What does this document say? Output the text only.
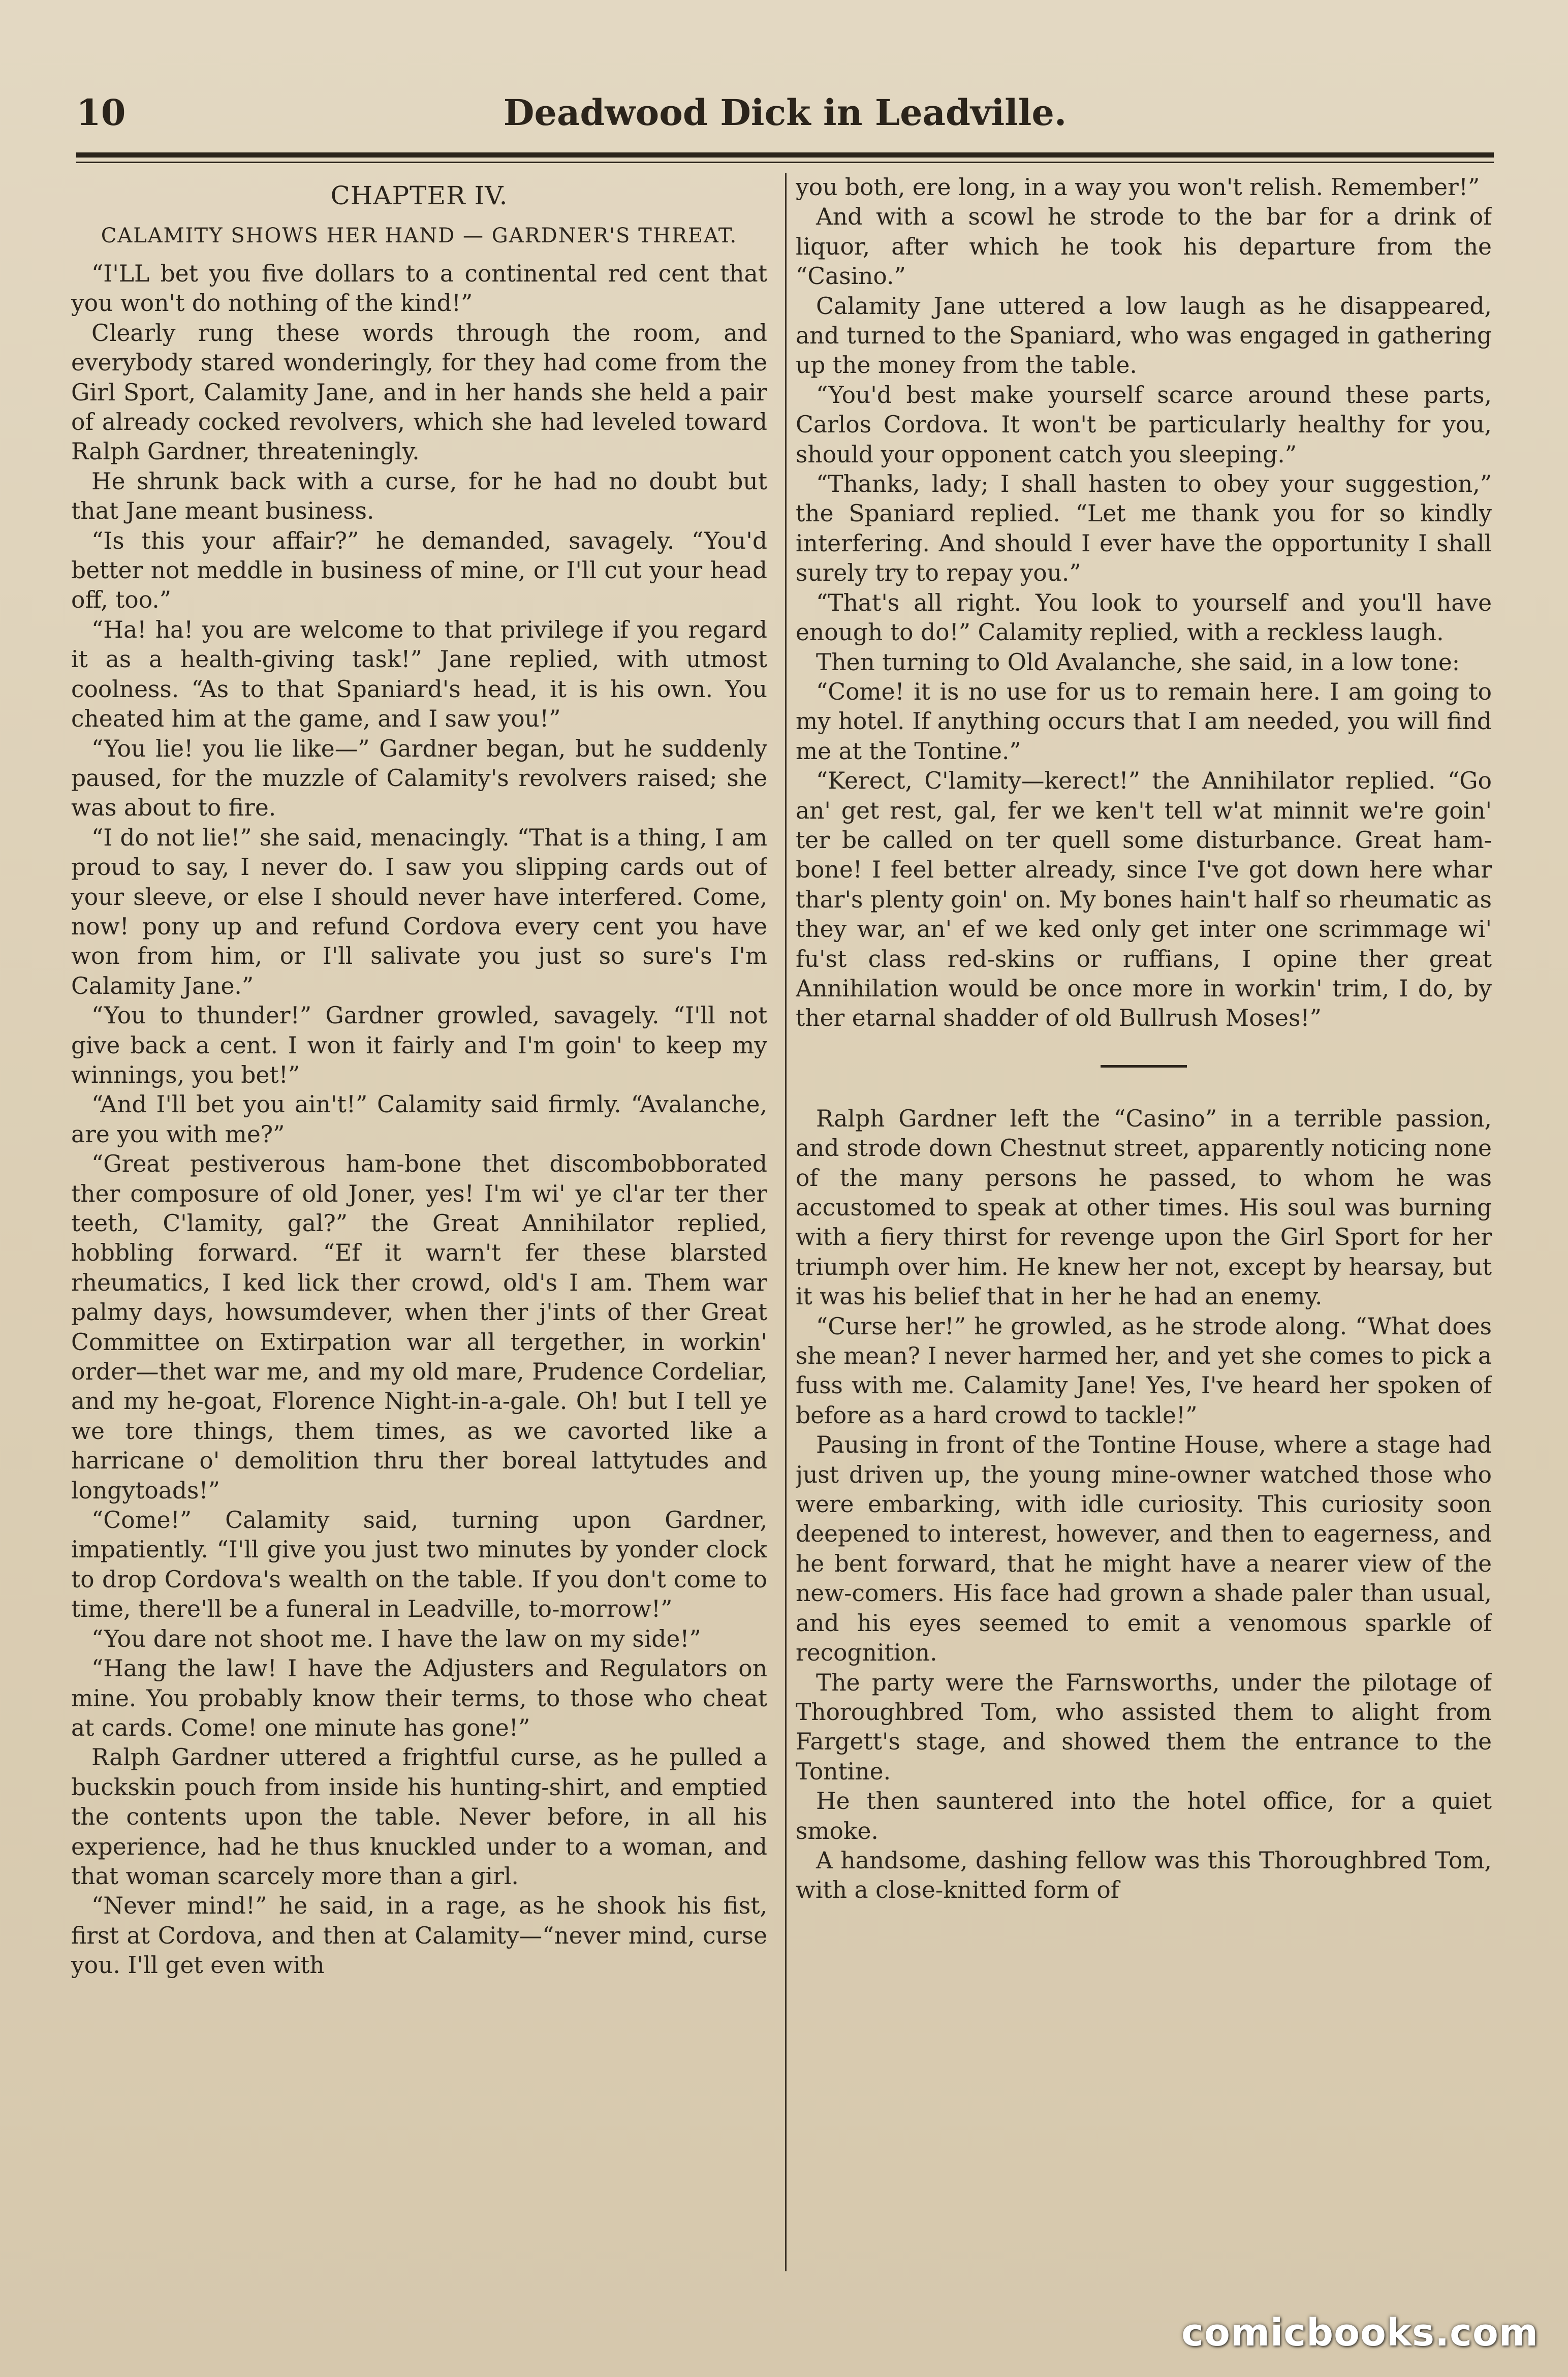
10	Deadwood Dick in Leadville.
CHAPTER IV.
CALAMITY SHOWS HER HAND — GARDNER'S THREAT.

“I'LL bet you five dollars to a continental red cent that you won't do nothing of the kind!”

Clearly rung these words through the room, and everybody stared wonderingly, for they had come from the Girl Sport, Calamity Jane, and in her hands she held a pair of already cocked revolvers, which she had leveled toward Ralph Gardner, threateningly.

He shrunk back with a curse, for he had no doubt but that Jane meant business.

“Is this your affair?” he demanded, savagely. “You'd better not meddle in business of mine, or I'll cut your head off, too.”

“Ha! ha! you are welcome to that privilege if you regard it as a health-giving task!” Jane replied, with utmost coolness. “As to that Spaniard's head, it is his own. You cheated him at the game, and I saw you!”

“You lie! you lie like—” Gardner began, but he suddenly paused, for the muzzle of Calamity's revolvers raised; she was about to fire.

“I do not lie!” she said, menacingly. “That is a thing, I am proud to say, I never do. I saw you slipping cards out of your sleeve, or else I should never have interfered. Come, now! pony up and refund Cordova every cent you have won from him, or I'll salivate you just so sure's I'm Calamity Jane.”

“You to thunder!” Gardner growled, savagely. “I'll not give back a cent. I won it fairly and I'm goin' to keep my winnings, you bet!”

“And I'll bet you ain't!” Calamity said firmly. “Avalanche, are you with me?”

“Great pestiverous ham-bone thet discombobborated ther composure of old Joner, yes! I'm wi' ye cl'ar ter ther teeth, C'lamity, gal?” the Great Annihilator replied, hobbling forward. “Ef it warn't fer these blarsted rheumatics, I ked lick ther crowd, old's I am. Them war palmy days, howsumdever, when ther j'ints of ther Great Committee on Extirpation war all tergether, in workin' order—thet war me, and my old mare, Prudence Cordeliar, and my he-goat, Florence Night-in-a-gale. Oh! but I tell ye we tore things, them times, as we cavorted like a harricane o' demolition thru ther boreal lattytudes and longytoads!”

“Come!” Calamity said, turning upon Gardner, impatiently. “I'll give you just two minutes by yonder clock to drop Cordova's wealth on the table. If you don't come to time, there'll be a funeral in Leadville, to-morrow!”

“You dare not shoot me. I have the law on my side!”

“Hang the law! I have the Adjusters and Regulators on mine. You probably know their terms, to those who cheat at cards. Come! one minute has gone!”

Ralph Gardner uttered a frightful curse, as he pulled a buckskin pouch from inside his hunting-shirt, and emptied the contents upon the table. Never before, in all his experience, had he thus knuckled under to a woman, and that woman scarcely more than a girl.

“Never mind!” he said, in a rage, as he shook his fist, first at Cordova, and then at Calamity—“never mind, curse you. I'll get even with

you both, ere long, in a way you won't relish. Remember!”

And with a scowl he strode to the bar for a drink of liquor, after which he took his departure from the “Casino.”

Calamity Jane uttered a low laugh as he disappeared, and turned to the Spaniard, who was engaged in gathering up the money from the table.

“You'd best make yourself scarce around these parts, Carlos Cordova. It won't be particularly healthy for you, should your opponent catch you sleeping.”

“Thanks, lady; I shall hasten to obey your suggestion,” the Spaniard replied. “Let me thank you for so kindly interfering. And should I ever have the opportunity I shall surely try to repay you.”

“That's all right. You look to yourself and you'll have enough to do!” Calamity replied, with a reckless laugh.

Then turning to Old Avalanche, she said, in a low tone:

“Come! it is no use for us to remain here. I am going to my hotel. If anything occurs that I am needed, you will find me at the Tontine.”

“Kerect, C'lamity—kerect!” the Annihilator replied. “Go an' get rest, gal, fer we ken't tell w'at minnit we're goin' ter be called on ter quell some disturbance. Great ham-bone! I feel better already, since I've got down here whar thar's plenty goin' on. My bones hain't half so rheumatic as they war, an' ef we ked only get inter one scrimmage wi' fu'st class red-skins or ruffians, I opine ther great Annihilation would be once more in workin' trim, I do, by ther etarnal shadder of old Bullrush Moses!”

Ralph Gardner left the “Casino” in a terrible passion, and strode down Chestnut street, apparently noticing none of the many persons he passed, to whom he was accustomed to speak at other times. His soul was burning with a fiery thirst for revenge upon the Girl Sport for her triumph over him. He knew her not, except by hearsay, but it was his belief that in her he had an enemy.

“Curse her!” he growled, as he strode along. “What does she mean? I never harmed her, and yet she comes to pick a fuss with me. Calamity Jane! Yes, I've heard her spoken of before as a hard crowd to tackle!”

Pausing in front of the Tontine House, where a stage had just driven up, the young mine-owner watched those who were embarking, with idle curiosity. This curiosity soon deepened to interest, however, and then to eagerness, and he bent forward, that he might have a nearer view of the new-comers. His face had grown a shade paler than usual, and his eyes seemed to emit a venomous sparkle of recognition.

The party were the Farnsworths, under the pilotage of Thoroughbred Tom, who assisted them to alight from Fargett's stage, and showed them the entrance to the Tontine.

He then sauntered into the hotel office, for a quiet smoke.

A handsome, dashing fellow was this Thoroughbred Tom, with a close-knitted form of

comicbooks.com
